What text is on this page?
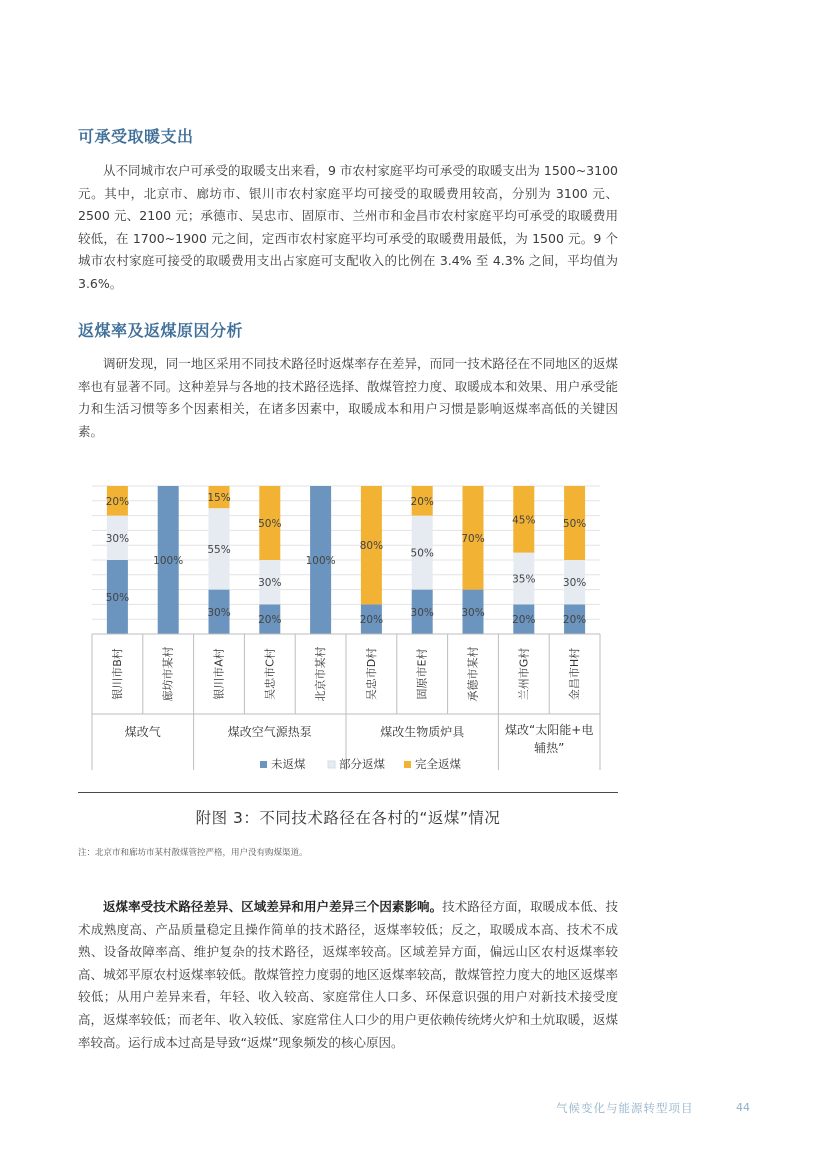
可承受取暖支出

从不同城市农户可承受的取暖支出来看，9 市农村家庭平均可承受的取暖支出为 1500~3100 元。其中，北京市、廊坊市、银川市农村家庭平均可接受的取暖费用较高，分别为 3100 元、2500 元、2100 元；承德市、吴忠市、固原市、兰州市和金昌市农村家庭平均可承受的取暖费用较低，在 1700~1900 元之间，定西市农村家庭平均可承受的取暖费用最低，为 1500 元。9 个城市农村家庭可接受的取暖费用支出占家庭可支配收入的比例在 3.4% 至 4.3% 之间，平均值为 3.6%。

返煤率及返煤原因分析

调研发现，同一地区采用不同技术路径时返煤率存在差异，而同一技术路径在不同地区的返煤率也有显著不同。这种差异与各地的技术路径选择、散煤管控力度、取暖成本和效果、用户承受能力和生活习惯等多个因素相关，在诸多因素中，取暖成本和用户习惯是影响返煤率高低的关键因素。

50%
30%
20%
100%
30%
55%
15%
20%
30%
50%
100%
20%
80%
30%
50%
20%
30%
70%
20%
35%
45%
20%
30%
50%
银川市B村	廊坊市某村	银川市A村	吴忠市C村	北京市某村	吴忠市D村	固原市E村	承德市某村	兰州市G村	金昌市H村
煤改气	煤改空气源热泵	煤改生物质炉具	煤改“太阳能+电
辅热”
未返煤	部分返煤	完全返煤

附图 3：不同技术路径在各村的“返煤”情况

注：北京市和廊坊市某村散煤管控严格，用户没有购煤渠道。

返煤率受技术路径差异、区域差异和用户差异三个因素影响。技术路径方面，取暖成本低、技术成熟度高、产品质量稳定且操作简单的技术路径，返煤率较低；反之，取暖成本高、技术不成熟、设备故障率高、维护复杂的技术路径，返煤率较高。区域差异方面，偏远山区农村返煤率较高、城郊平原农村返煤率较低。散煤管控力度弱的地区返煤率较高，散煤管控力度大的地区返煤率较低；从用户差异来看，年轻、收入较高、家庭常住人口多、环保意识强的用户对新技术接受度高，返煤率较低；而老年、收入较低、家庭常住人口少的用户更依赖传统烤火炉和土炕取暖，返煤率较高。运行成本过高是导致“返煤”现象频发的核心原因。

气候变化与能源转型项目	44
